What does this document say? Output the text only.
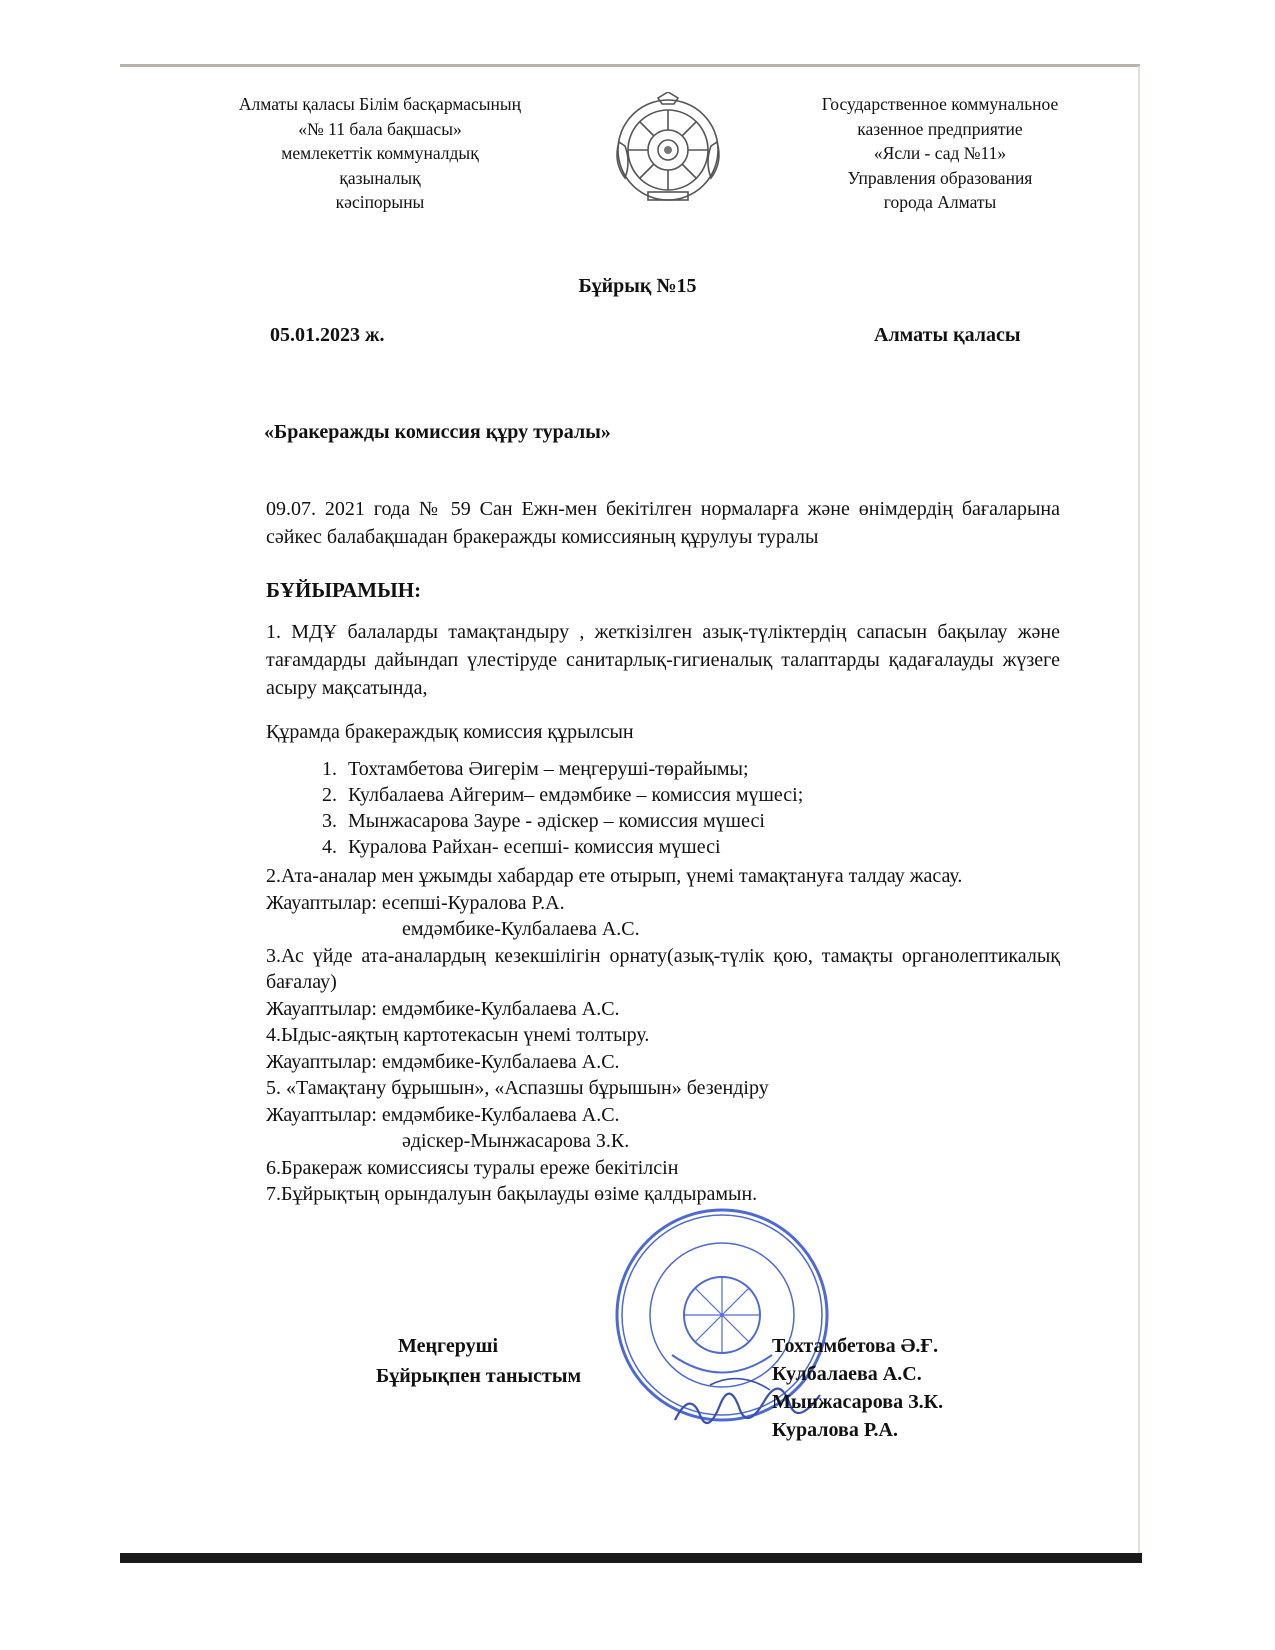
Алматы қаласы Білім басқармасының
«№ 11 бала бақшасы»
мемлекеттік коммуналдық
қазыналық
кәсіпорыны
Государственное коммунальное
казенное предприятие
«Ясли - сад №11»
Управления образования
города Алматы
Бұйрық №15
05.01.2023 ж.	Алматы қаласы
«Бракеражды комиссия құру туралы»
09.07. 2021 года № 59 Сан Ежн-мен бекітілген нормаларға және өнімдердің бағаларына сәйкес балабақшадан бракеражды комиссияның құрулуы туралы
БҰЙЫРАМЫН:
1. МДҰ балаларды тамақтандыру , жеткізілген азық-түліктердің сапасын бақылау және тағамдарды дайындап үлестіруде санитарлық-гигиеналық талаптарды қадағалауды жүзеге асыру мақсатында,
Құрамда бракераждық комиссия құрылсын
1. Тохтамбетова Әигерім – меңгеруші-төрайымы;
2. Кулбалаева Айгерим– емдәмбике – комиссия мүшесі;
3. Мынжасарова Зауре - әдіскер – комиссия мүшесі
4. Куралова Райхан- есепші- комиссия мүшесі
2.Ата-аналар мен ұжымды хабардар ете отырып, үнемі тамақтануға талдау жасау.
Жауаптылар: есепші-Куралова Р.А.
емдәмбике-Кулбалаева А.С.
3.Ас үйде ата-аналардың кезекшілігін орнату(азық-түлік қою, тамақты органолептикалық бағалау)
Жауаптылар: емдәмбике-Кулбалаева А.С.
4.Ыдыс-аяқтың картотекасын үнемі толтыру.
Жауаптылар: емдәмбике-Кулбалаева А.С.
5. «Тамақтану бұрышын», «Аспазшы бұрышын» безендіру
Жауаптылар: емдәмбике-Кулбалаева А.С.
әдіскер-Мынжасарова З.К.
6.Бракераж комиссиясы туралы ереже бекітілсін
7.Бұйрықтың орындалуын бақылауды өзіме қалдырамын.
Меңгеруші
Бұйрықпен таныстым
Тохтамбетова Ә.Ғ.
Кулбалаева А.С.
Мынжасарова З.К.
Куралова Р.А.
